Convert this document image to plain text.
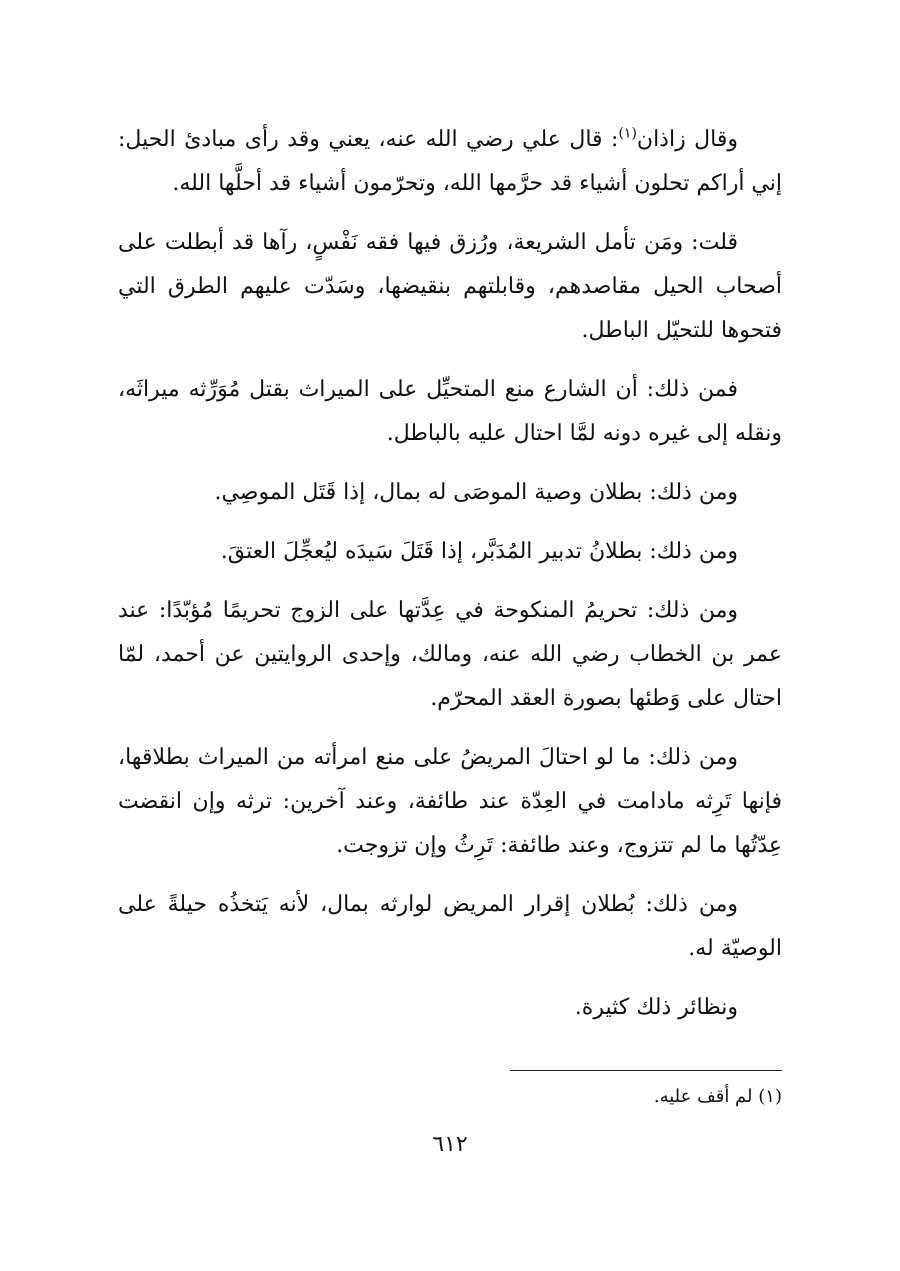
وقال زاذان$^{(١)}$: قال علي رضي الله عنه، يعني وقد رأى مبادئ الحيل: إني أراكم تحلون أشياء قد حرَّمها الله، وتحرّمون أشياء قد أحلَّها الله.
قلت: ومَن تأمل الشريعة، ورُزق فيها فقه نَفْسٍ، رآها قد أبطلت على أصحاب الحيل مقاصدهم، وقابلتهم بنقيضها، وسَدّت عليهم الطرق التي فتحوها للتحيّل الباطل.
فمن ذلك: أن الشارع منع المتحيِّل على الميراث بقتل مُوَرِّثه ميراثَه، ونقله إلى غيره دونه لمَّا احتال عليه بالباطل.
ومن ذلك: بطلان وصية الموصَى له بمال، إذا قَتَل الموصِي.
ومن ذلك: بطلانُ تدبير المُدَبَّر، إذا قَتَلَ سَيدَه ليُعجِّلَ العتقَ.
ومن ذلك: تحريمُ المنكوحة في عِدَّتها على الزوج تحريمًا مُؤبّدًا: عند عمر بن الخطاب رضي الله عنه، ومالك، وإحدى الروايتين عن أحمد، لمّا احتال على وَطئها بصورة العقد المحرّم.
ومن ذلك: ما لو احتالَ المريضُ على منع امرأته من الميراث بطلاقها، فإنها تَرِثه مادامت في العِدّة عند طائفة، وعند آخرين: ترثه وإن انقضت عِدّتُها ما لم تتزوج، وعند طائفة: تَرِثُ وإن تزوجت.
ومن ذلك: بُطلان إقرار المريض لوارثه بمال، لأنه يَتخذُه حيلةً على الوصيّة له.
ونظائر ذلك كثيرة.
(١) لم أقف عليه.
٦١٢
